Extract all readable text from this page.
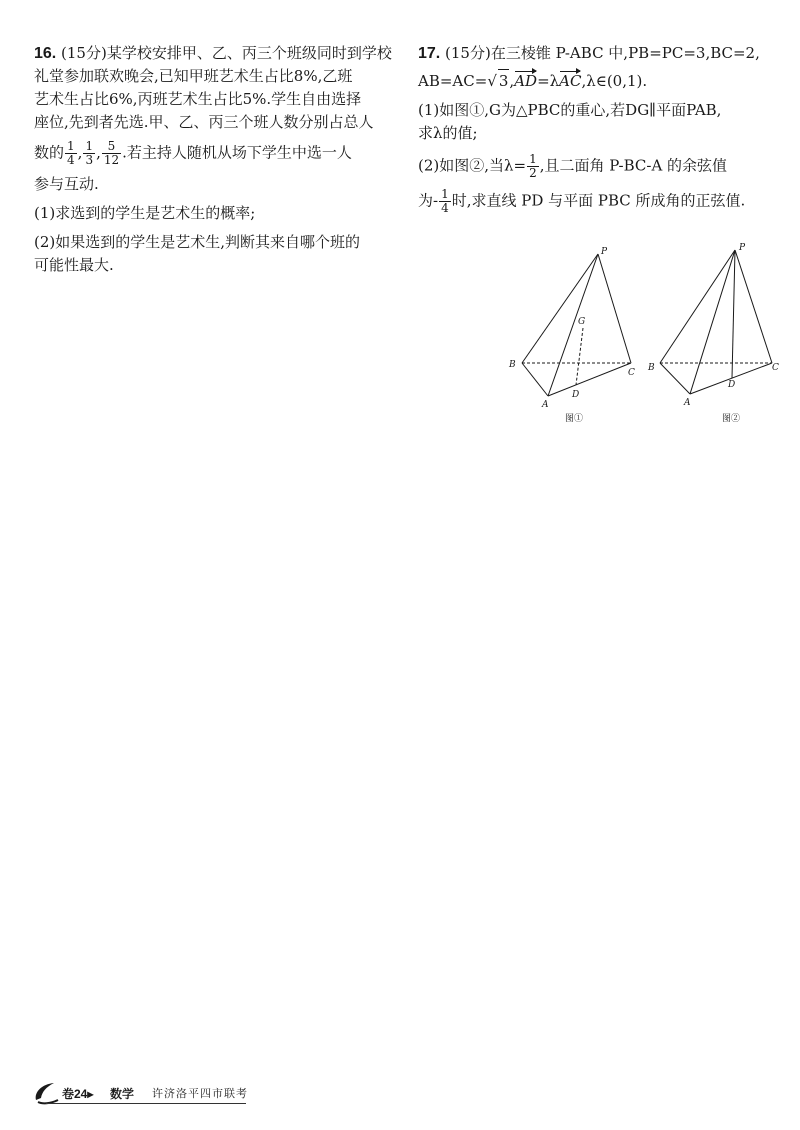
16. (15分)某学校安排甲、乙、丙三个班级同时到学校
礼堂参加联欢晚会,已知甲班艺术生占比8%,乙班
艺术生占比6%,丙班艺术生占比5%.学生自由选择
座位,先到者先选.甲、乙、丙三个班人数分别占总人
数的 $\frac{1}{4}$ , $\frac{1}{3}$ , $\frac{5}{12}$ .若主持人随机从场下学生中选一人
参与互动.

(1)求选到的学生是艺术生的概率;

(2)如果选到的学生是艺术生,判断其来自哪个班的
可能性最大.

17. (15分)在三棱锥 P-ABC 中,PB=PC=3,BC=2,
AB=AC=√ 3,AD=λAC,λ∈(0,1).

(1)如图①,G为△PBC的重心,若DG∥平面PAB,
求λ的值;

(2)如图②,当$\lambda= \frac{1}{2}$ ,且二面角 P-BC-A 的余弦值
为- $\frac{1}{4}$ 时,求直线 PD 与平面 PBC 所成角的正弦值.

P
G
B
C
A
D
图①
P
B	C
A
D
图②
卷24▸ 数学 许济洛平四市联考
